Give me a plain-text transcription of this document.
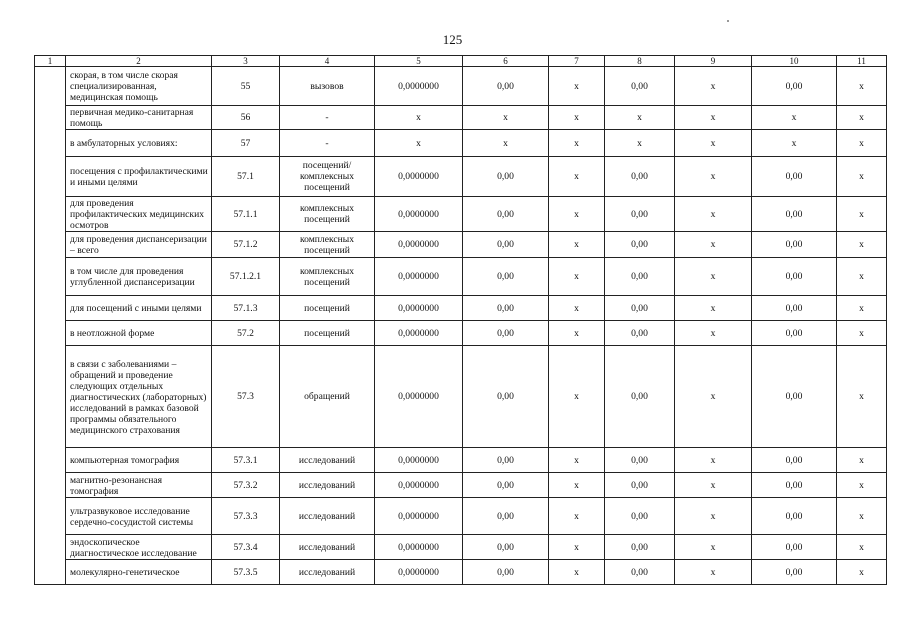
125
1	2	3	4	5	6	7	8	9	10	11
	скорая, в том числе скорая специализированная, медицинская помощь	55	вызовов	0,0000000	0,00	x	0,00	x	0,00	x
	первичная медико-санитарная помощь	56	-	x	x	x	x	x	x	x
	в амбулаторных условиях:	57	-	x	x	x	x	x	x	x
	посещения с профилактическими и иными целями	57.1	посещений/комплексных посещений	0,0000000	0,00	x	0,00	x	0,00	x
	для проведения профилактических медицинских осмотров	57.1.1	комплексных посещений	0,0000000	0,00	x	0,00	x	0,00	x
	для проведения диспансеризации – всего	57.1.2	комплексных посещений	0,0000000	0,00	x	0,00	x	0,00	x
	в том числе для проведения углубленной диспансеризации	57.1.2.1	комплексных посещений	0,0000000	0,00	x	0,00	x	0,00	x
	для посещений с иными целями	57.1.3	посещений	0,0000000	0,00	x	0,00	x	0,00	x
	в неотложной форме	57.2	посещений	0,0000000	0,00	x	0,00	x	0,00	x
	в связи с заболеваниями – обращений и проведение следующих отдельных диагностических (лабораторных) исследований в рамках базовой программы обязательного медицинского страхования	57.3	обращений	0,0000000	0,00	x	0,00	x	0,00	x
	компьютерная томография	57.3.1	исследований	0,0000000	0,00	x	0,00	x	0,00	x
	магнитно-резонансная томография	57.3.2	исследований	0,0000000	0,00	x	0,00	x	0,00	x
	ультразвуковое исследование сердечно-сосудистой системы	57.3.3	исследований	0,0000000	0,00	x	0,00	x	0,00	x
	эндоскопическое диагностическое исследование	57.3.4	исследований	0,0000000	0,00	x	0,00	x	0,00	x
	молекулярно-генетическое	57.3.5	исследований	0,0000000	0,00	x	0,00	x	0,00	x
